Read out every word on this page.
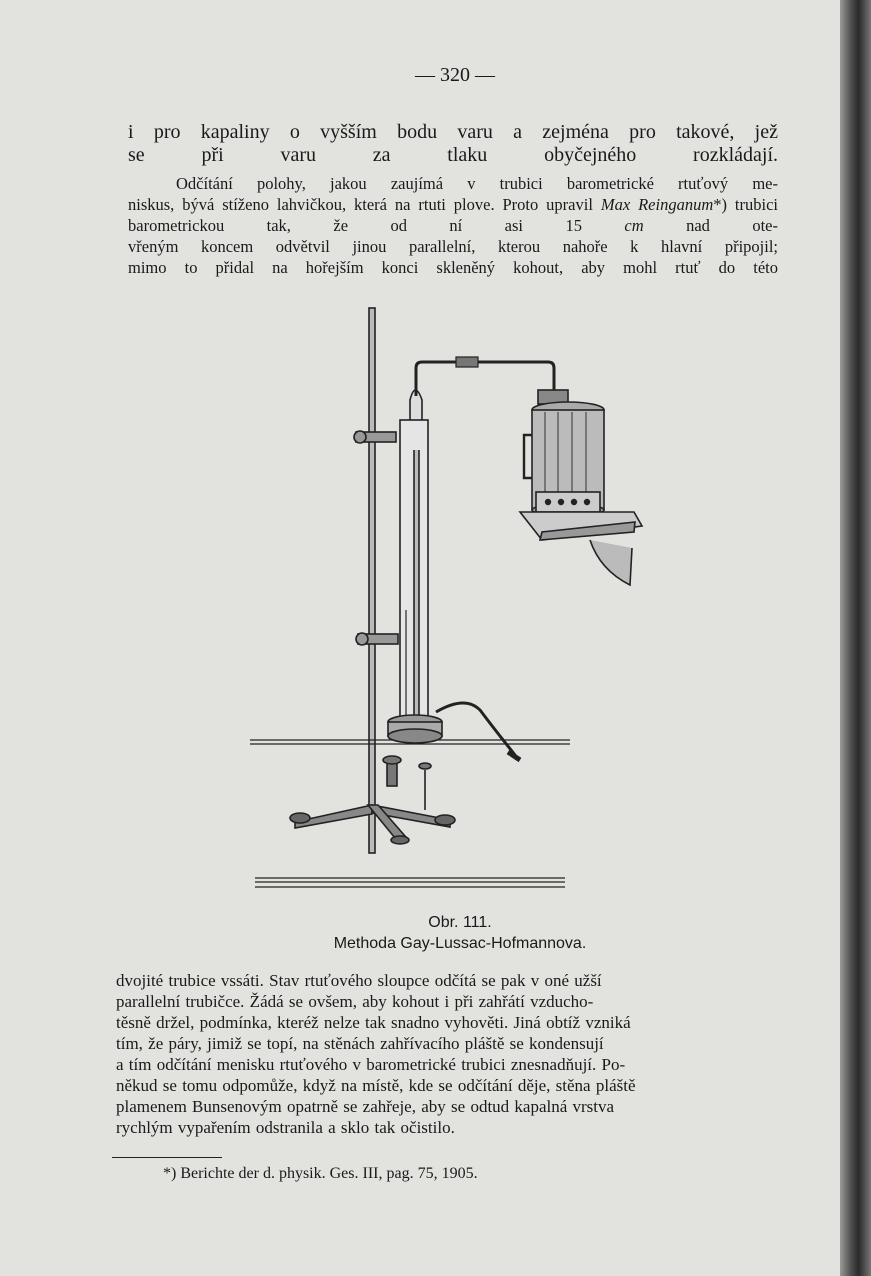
— 320 —

i pro kapaliny o vyšším bodu varu a zejména pro takové, jež
se při varu za tlaku obyčejného rozkládají.

Odčítání polohy, jakou zaujímá v trubici barometrické rtuťový me-
niskus, bývá stíženo lahvičkou, která na rtuti plove. Proto upravil Max Reinganum*) trubici barometrickou tak, že od ní asi 15 cm nad ote-
vřeným koncem odvětvil jinou parallelní, kterou nahoře k hlavní připojil;
mimo to přidal na hořejším konci skleněný kohout, aby mohl rtuť do této

Obr. 111.
Methoda Gay-Lussac-Hofmannova.

dvojité trubice vssáti. Stav rtuťového sloupce odčítá se pak v oné užší
parallelní trubičce. Žádá se ovšem, aby kohout i při zahřátí vzducho-
těsně držel, podmínka, kteréž nelze tak snadno vyhověti. Jiná obtíž vzniká
tím, že páry, jimiž se topí, na stěnách zahřívacího pláště se kondensují
a tím odčítání menisku rtuťového v barometrické trubici znesnadňují. Po-
někud se tomu odpomůže, když na místě, kde se odčítání děje, stěna pláště
plamenem Bunsenovým opatrně se zahřeje, aby se odtud kapalná vrstva
rychlým vypařením odstranila a sklo tak očistilo.

*) Berichte der d. physik. Ges. III, pag. 75, 1905.
